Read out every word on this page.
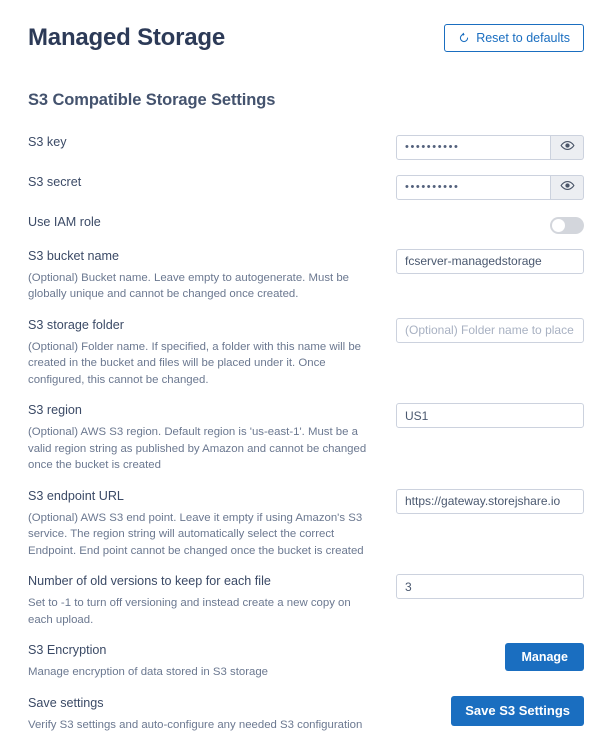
Managed Storage	Reset to defaults
S3 Compatible Storage Settings

S3 key

••••••••••

S3 secret

••••••••••

Use IAM role

S3 bucket name

(Optional) Bucket name. Leave empty to autogenerate. Must be globally unique and cannot be changed once created.

fcserver-managedstorage

S3 storage folder

(Optional) Folder name. If specified, a folder with this name will be created in the bucket and files will be placed under it. Once configured, this cannot be changed.

(Optional) Folder name to place the files under

S3 region

(Optional) AWS S3 region. Default region is 'us-east-1'. Must be a valid region string as published by Amazon and cannot be changed once the bucket is created

US1

S3 endpoint URL

(Optional) AWS S3 end point. Leave it empty if using Amazon's S3 service. The region string will automatically select the correct Endpoint. End point cannot be changed once the bucket is created

https://gateway.storejshare.io

Number of old versions to keep for each file

Set to -1 to turn off versioning and instead create a new copy on each upload.

3

S3 Encryption

Manage encryption of data stored in S3 storage

Manage

Save settings

Verify S3 settings and auto-configure any needed S3 configuration

Save S3 Settings
